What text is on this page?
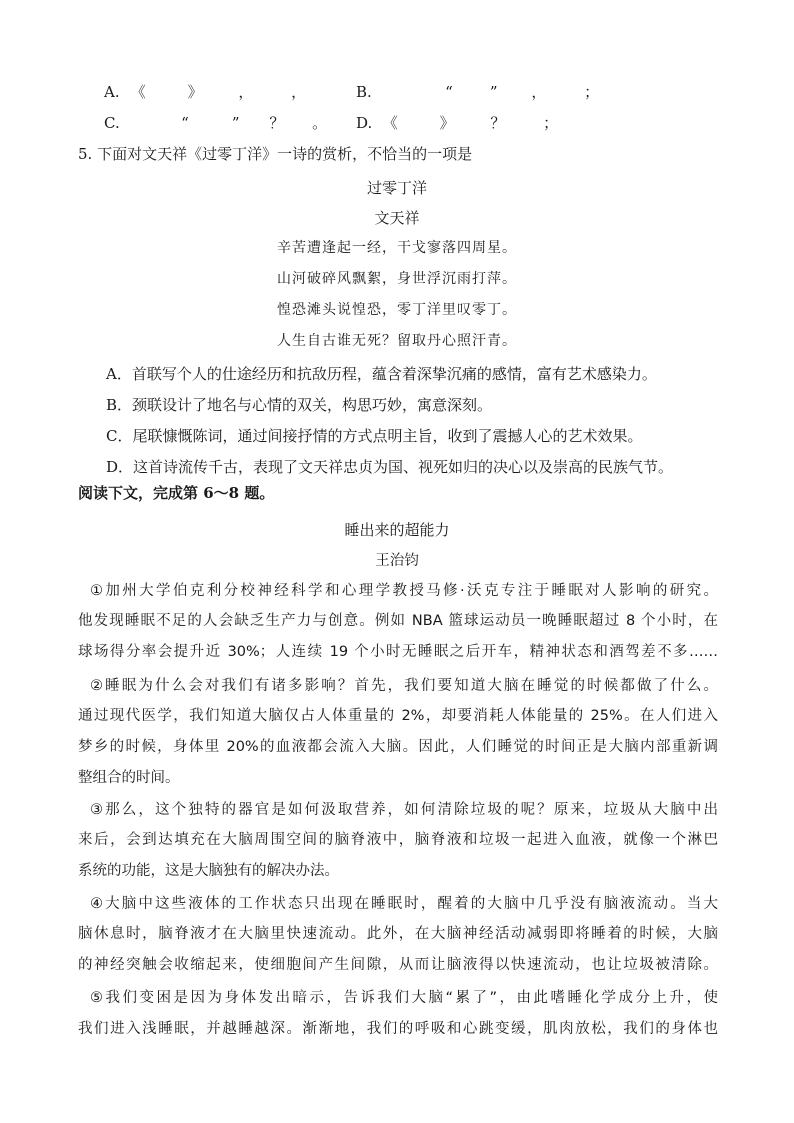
A. 《	》 ，	，	B.	“ ” ，	；
C.	“	” ？ 。 D. 《	》 ？	；
5. 下面对文天祥《过零丁洋》一诗的赏析，不恰当的一项是
过零丁洋
文天祥
辛苦遭逢起一经，干戈寥落四周星。
山河破碎风飘絮，身世浮沉雨打萍。
惶恐滩头说惶恐，零丁洋里叹零丁。
人生自古谁无死？留取丹心照汗青。
A．首联写个人的仕途经历和抗敌历程，蕴含着深挚沉痛的感情，富有艺术感染力。
B．颈联设计了地名与心情的双关，构思巧妙，寓意深刻。
C．尾联慷慨陈词，通过间接抒情的方式点明主旨，收到了震撼人心的艺术效果。
D．这首诗流传千古，表现了文天祥忠贞为国、视死如归的决心以及崇高的民族气节。
阅读下文，完成第 6～8 题。
睡出来的超能力
王治钧
①加州大学伯克利分校神经科学和心理学教授马修·沃克专注于睡眠对人影响的研究。
他发现睡眠不足的人会缺乏生产力与创意。例如 NBA 篮球运动员一晚睡眠超过 8 个小时，在
球场得分率会提升近 30%；人连续 19 个小时无睡眠之后开车，精神状态和酒驾差不多……
②睡眠为什么会对我们有诸多影响？首先，我们要知道大脑在睡觉的时候都做了什么。
通过现代医学，我们知道大脑仅占人体重量的 2%，却要消耗人体能量的 25%。在人们进入
梦乡的时候，身体里 20%的血液都会流入大脑。因此，人们睡觉的时间正是大脑内部重新调
整组合的时间。
③那么，这个独特的器官是如何汲取营养，如何清除垃圾的呢？原来，垃圾从大脑中出
来后，会到达填充在大脑周围空间的脑脊液中，脑脊液和垃圾一起进入血液，就像一个淋巴
系统的功能，这是大脑独有的解决办法。
④大脑中这些液体的工作状态只出现在睡眠时，醒着的大脑中几乎没有脑液流动。当大
脑休息时，脑脊液才在大脑里快速流动。此外，在大脑神经活动减弱即将睡着的时候，大脑
的神经突触会收缩起来，使细胞间产生间隙，从而让脑液得以快速流动，也让垃圾被清除。
⑤我们变困是因为身体发出暗示，告诉我们大脑“累了”，由此嗜睡化学成分上升，使
我们进入浅睡眠，并越睡越深。渐渐地，我们的呼吸和心跳变缓，肌肉放松，我们的身体也
